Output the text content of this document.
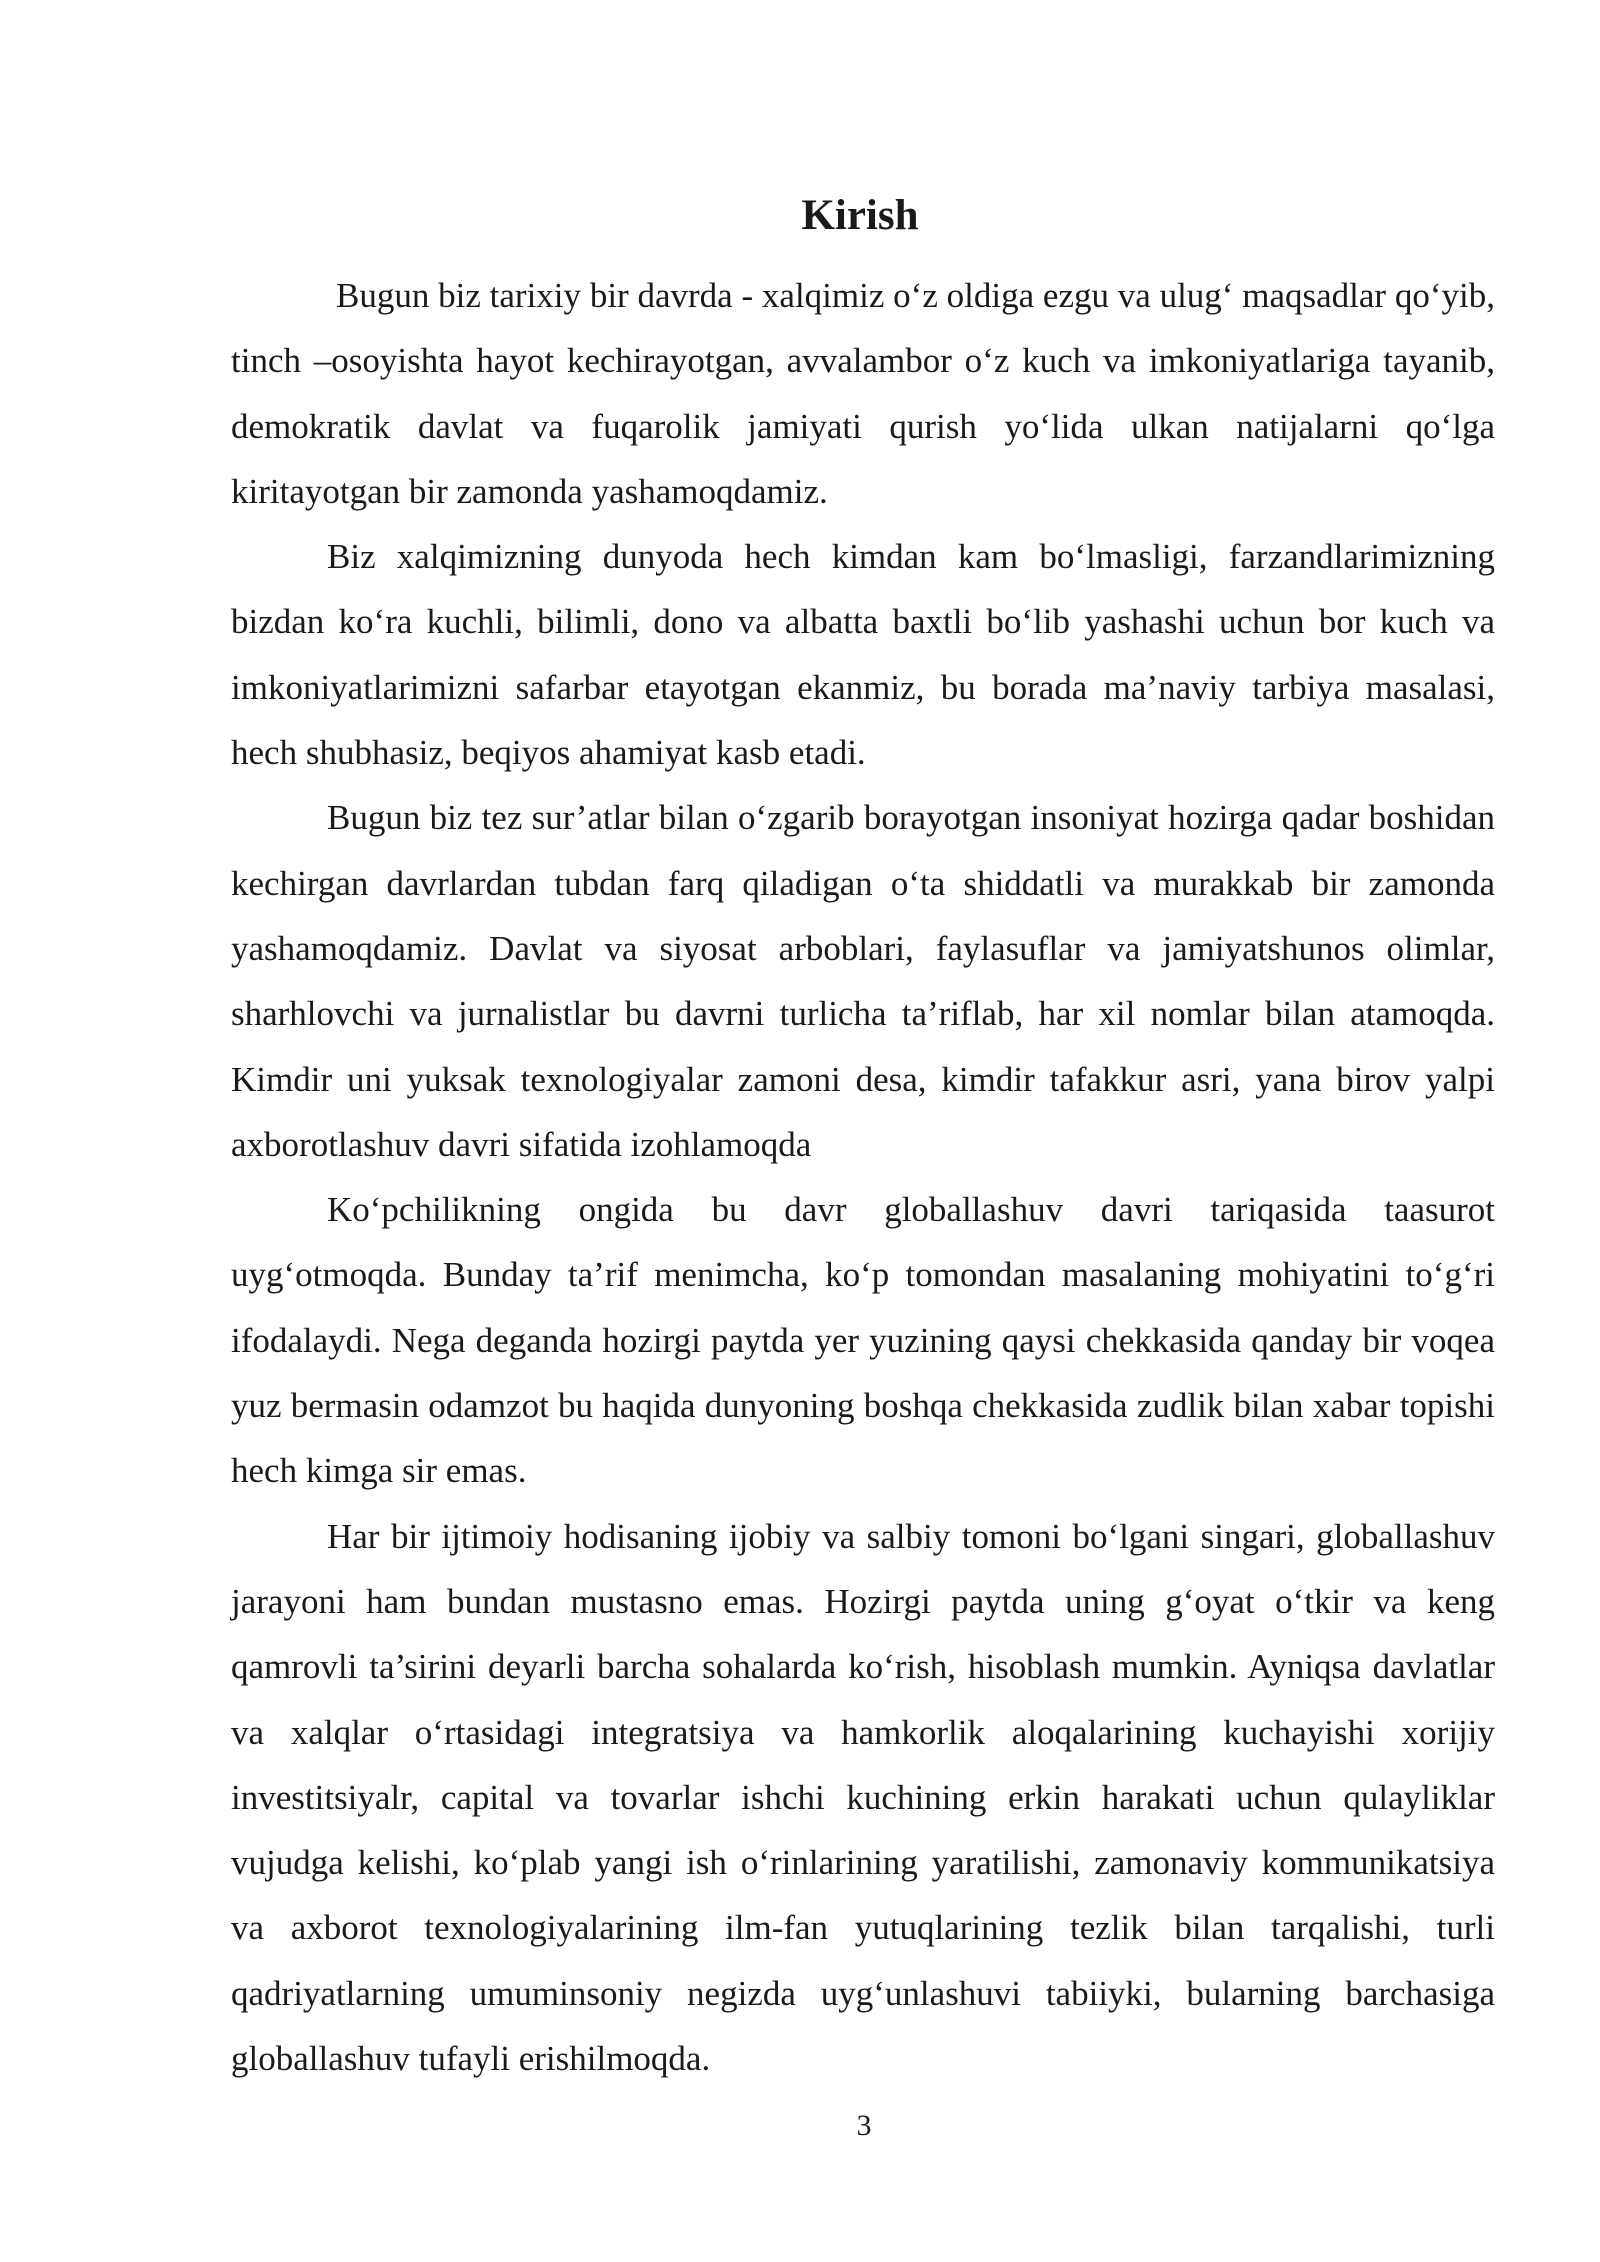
Kirish

Bugun biz tarixiy bir davrda - xalqimiz o‘z oldiga ezgu va ulug‘ maqsadlar qo‘yib, tinch –osoyishta hayot kechirayotgan, avvalambor o‘z kuch va imkoniyatlariga tayanib, demokratik davlat va fuqarolik jamiyati qurish yo‘lida ulkan natijalarni qo‘lga kiritayotgan bir zamonda yashamoqdamiz.

Biz xalqimizning dunyoda hech kimdan kam bo‘lmasligi, farzandlarimizning bizdan ko‘ra kuchli, bilimli, dono va albatta baxtli bo‘lib yashashi uchun bor kuch va imkoniyatlarimizni safarbar etayotgan ekanmiz, bu borada ma’naviy tarbiya masalasi, hech shubhasiz, beqiyos ahamiyat kasb etadi.

Bugun biz tez sur’atlar bilan o‘zgarib borayotgan insoniyat hozirga qadar boshidan kechirgan davrlardan tubdan farq qiladigan o‘ta shiddatli va murakkab bir zamonda yashamoqdamiz. Davlat va siyosat arboblari, faylasuflar va jamiyatshunos olimlar, sharhlovchi va jurnalistlar bu davrni turlicha ta’riflab, har xil nomlar bilan atamoqda. Kimdir uni yuksak texnologiyalar zamoni desa, kimdir tafakkur asri, yana birov yalpi axborotlashuv davri sifatida izohlamoqda

Ko‘pchilikning ongida bu davr globallashuv davri tariqasida taasurot uyg‘otmoqda. Bunday ta’rif menimcha, ko‘p tomondan masalaning mohiyatini to‘g‘ri ifodalaydi. Nega deganda hozirgi paytda yer yuzining qaysi chekkasida qanday bir voqea yuz bermasin odamzot bu haqida dunyoning boshqa chekkasida zudlik bilan xabar topishi hech kimga sir emas.

Har bir ijtimoiy hodisaning ijobiy va salbiy tomoni bo‘lgani singari, globallashuv jarayoni ham bundan mustasno emas. Hozirgi paytda uning g‘oyat o‘tkir va keng qamrovli ta’sirini deyarli barcha sohalarda ko‘rish, hisoblash mumkin. Ayniqsa davlatlar va xalqlar o‘rtasidagi integratsiya va hamkorlik aloqalarining kuchayishi xorijiy investitsiyalr, capital va tovarlar ishchi kuchining erkin harakati uchun qulayliklar vujudga kelishi, ko‘plab yangi ish o‘rinlarining yaratilishi, zamonaviy kommunikatsiya va axborot texnologiyalarining ilm-fan yutuqlarining tezlik bilan tarqalishi, turli qadriyatlarning umuminsoniy negizda uyg‘unlashuvi tabiiyki, bularning barchasiga globallashuv tufayli erishilmoqda.

3
